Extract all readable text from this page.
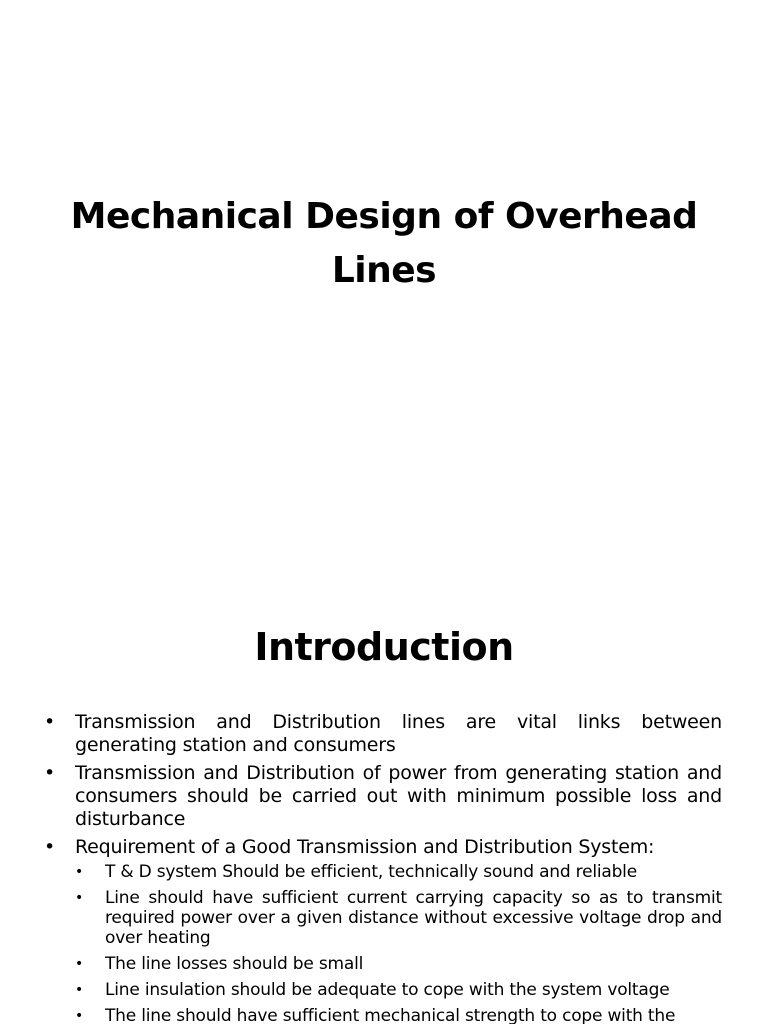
Mechanical Design of Overhead Lines
Introduction
• Transmission and Distribution lines are vital links between generating station and consumers
• Transmission and Distribution of power from generating station and consumers should be carried out with minimum possible loss and disturbance
• Requirement of a Good Transmission and Distribution System:
• T & D system Should be efficient, technically sound and reliable
• Line should have sufficient current carrying capacity so as to transmit required power over a given distance without excessive voltage drop and over heating
• The line losses should be small
• Line insulation should be adequate to cope with the system voltage
• The line should have sufficient mechanical strength to cope with the
